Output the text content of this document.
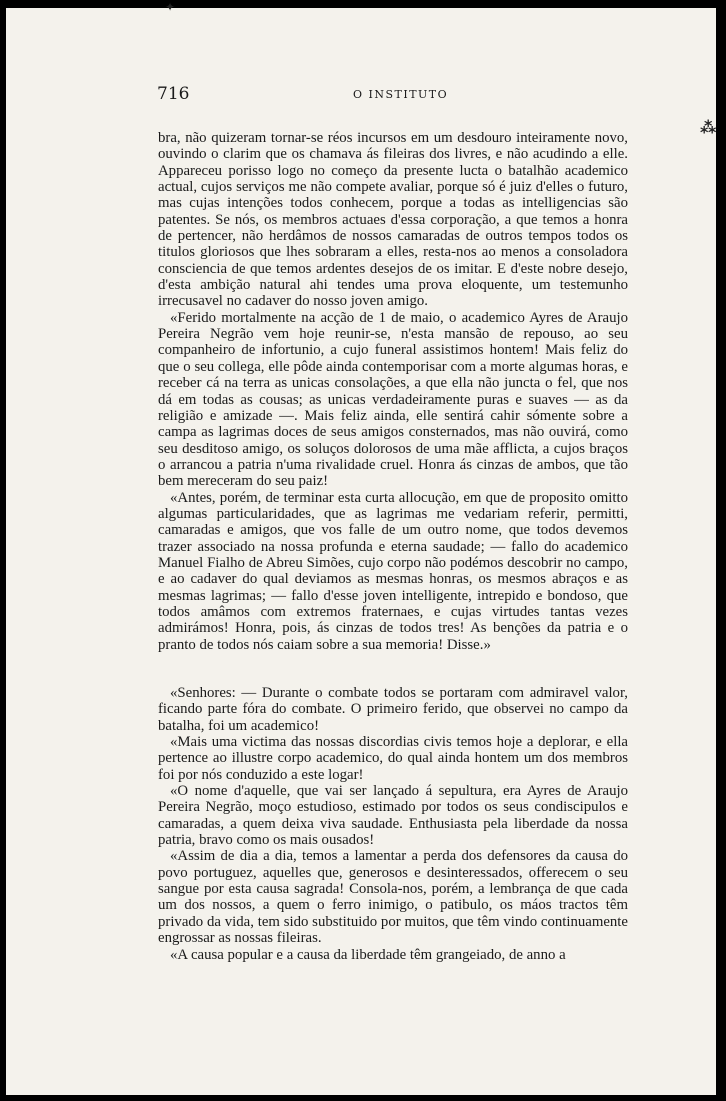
✦
⁂
716	O INSTITUTO

bra, não quizeram tornar-se réos incursos em um desdouro inteiramente novo, ouvindo o clarim que os chamava ás fileiras dos livres, e não acudindo a elle. Appareceu porisso logo no começo da presente lucta o batalhão academico actual, cujos serviços me não compete avaliar, porque só é juiz d'elles o futuro, mas cujas intenções todos conhecem, porque a todas as intelligencias são patentes. Se nós, os membros actuaes d'essa corporação, a que temos a honra de pertencer, não herdâmos de nossos camaradas de outros tempos todos os titulos gloriosos que lhes sobraram a elles, resta-nos ao menos a consoladora consciencia de que temos ardentes desejos de os imitar. E d'este nobre desejo, d'esta ambição natural ahi tendes uma prova eloquente, um testemunho irrecusavel no cadaver do nosso joven amigo.

«Ferido mortalmente na acção de 1 de maio, o academico Ayres de Araujo Pereira Negrão vem hoje reunir-se, n'esta mansão de repouso, ao seu companheiro de infortunio, a cujo funeral assistimos hontem! Mais feliz do que o seu collega, elle pôde ainda contemporisar com a morte algumas horas, e receber cá na terra as unicas consolações, a que ella não juncta o fel, que nos dá em todas as cousas; as unicas verdadeiramente puras e suaves — as da religião e amizade —. Mais feliz ainda, elle sentirá cahir sómente sobre a campa as lagrimas doces de seus amigos consternados, mas não ouvirá, como seu desditoso amigo, os soluços dolorosos de uma mãe afflicta, a cujos braços o arrancou a patria n'uma rivalidade cruel. Honra ás cinzas de ambos, que tão bem mereceram do seu paiz!

«Antes, porém, de terminar esta curta allocução, em que de proposito omitto algumas particularidades, que as lagrimas me vedariam referir, permitti, camaradas e amigos, que vos falle de um outro nome, que todos devemos trazer associado na nossa profunda e eterna saudade; — fallo do academico Manuel Fialho de Abreu Simões, cujo corpo não podémos descobrir no campo, e ao cadaver do qual deviamos as mesmas honras, os mesmos abraços e as mesmas lagrimas; — fallo d'esse joven intelligente, intrepido e bondoso, que todos amâmos com extremos fraternaes, e cujas virtudes tantas vezes admirámos! Honra, pois, ás cinzas de todos tres! As benções da patria e o pranto de todos nós caiam sobre a sua memoria! Disse.»

«Senhores: — Durante o combate todos se portaram com admiravel valor, ficando parte fóra do combate. O primeiro ferido, que observei no campo da batalha, foi um academico!

«Mais uma victima das nossas discordias civis temos hoje a deplorar, e ella pertence ao illustre corpo academico, do qual ainda hontem um dos membros foi por nós conduzido a este logar!

«O nome d'aquelle, que vai ser lançado á sepultura, era Ayres de Araujo Pereira Negrão, moço estudioso, estimado por todos os seus condiscipulos e camaradas, a quem deixa viva saudade. Enthusiasta pela liberdade da nossa patria, bravo como os mais ousados!

«Assim de dia a dia, temos a lamentar a perda dos defensores da causa do povo portuguez, aquelles que, generosos e desinteressados, offerecem o seu sangue por esta causa sagrada! Consola-nos, porém, a lembrança de que cada um dos nossos, a quem o ferro inimigo, o patibulo, os máos tractos têm privado da vida, tem sido substituido por muitos, que têm vindo continuamente engrossar as nossas fileiras.

«A causa popular e a causa da liberdade têm grangeiado, de anno a
